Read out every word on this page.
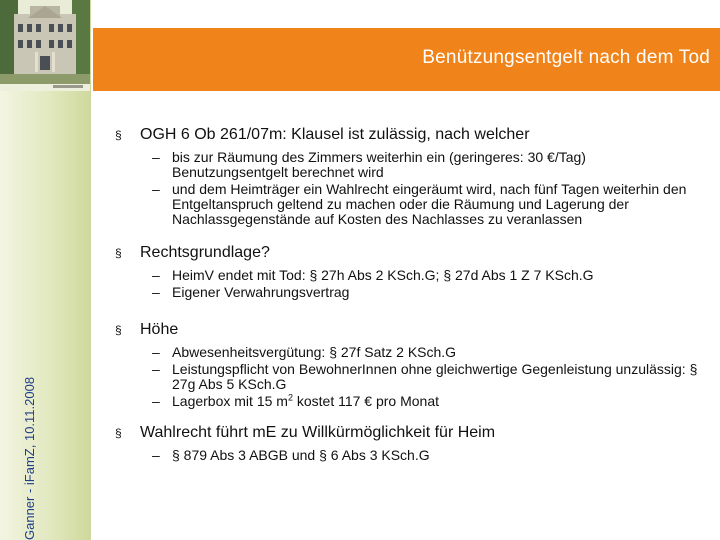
Benützungsentgelt nach dem Tod
Ganner - iFamZ, 10.11.2008
§ OGH 6 Ob 261/07m: Klausel ist zulässig, nach welcher
– bis zur Räumung des Zimmers weiterhin ein (geringeres: 30 €/Tag) Benutzungsentgelt berechnet wird
– und dem Heimträger ein Wahlrecht eingeräumt wird, nach fünf Tagen weiterhin den Entgeltanspruch geltend zu machen oder die Räumung und Lagerung der Nachlassgegenstände auf Kosten des Nachlasses zu veranlassen
§ Rechtsgrundlage?
– HeimV endet mit Tod: § 27h Abs 2 KSch.G; § 27d Abs 1 Z 7 KSch.G
– Eigener Verwahrungsvertrag
§ Höhe
– Abwesenheitsvergütung: § 27f Satz 2 KSch.G
– Leistungspflicht von BewohnerInnen ohne gleichwertige Gegenleistung unzulässig: § 27g Abs 5 KSch.G
– Lagerbox mit 15 $m^2$ kostet 117 € pro Monat
§ Wahlrecht führt mE zu Willkürmöglichkeit für Heim
– § 879 Abs 3 ABGB und § 6 Abs 3 KSch.G
